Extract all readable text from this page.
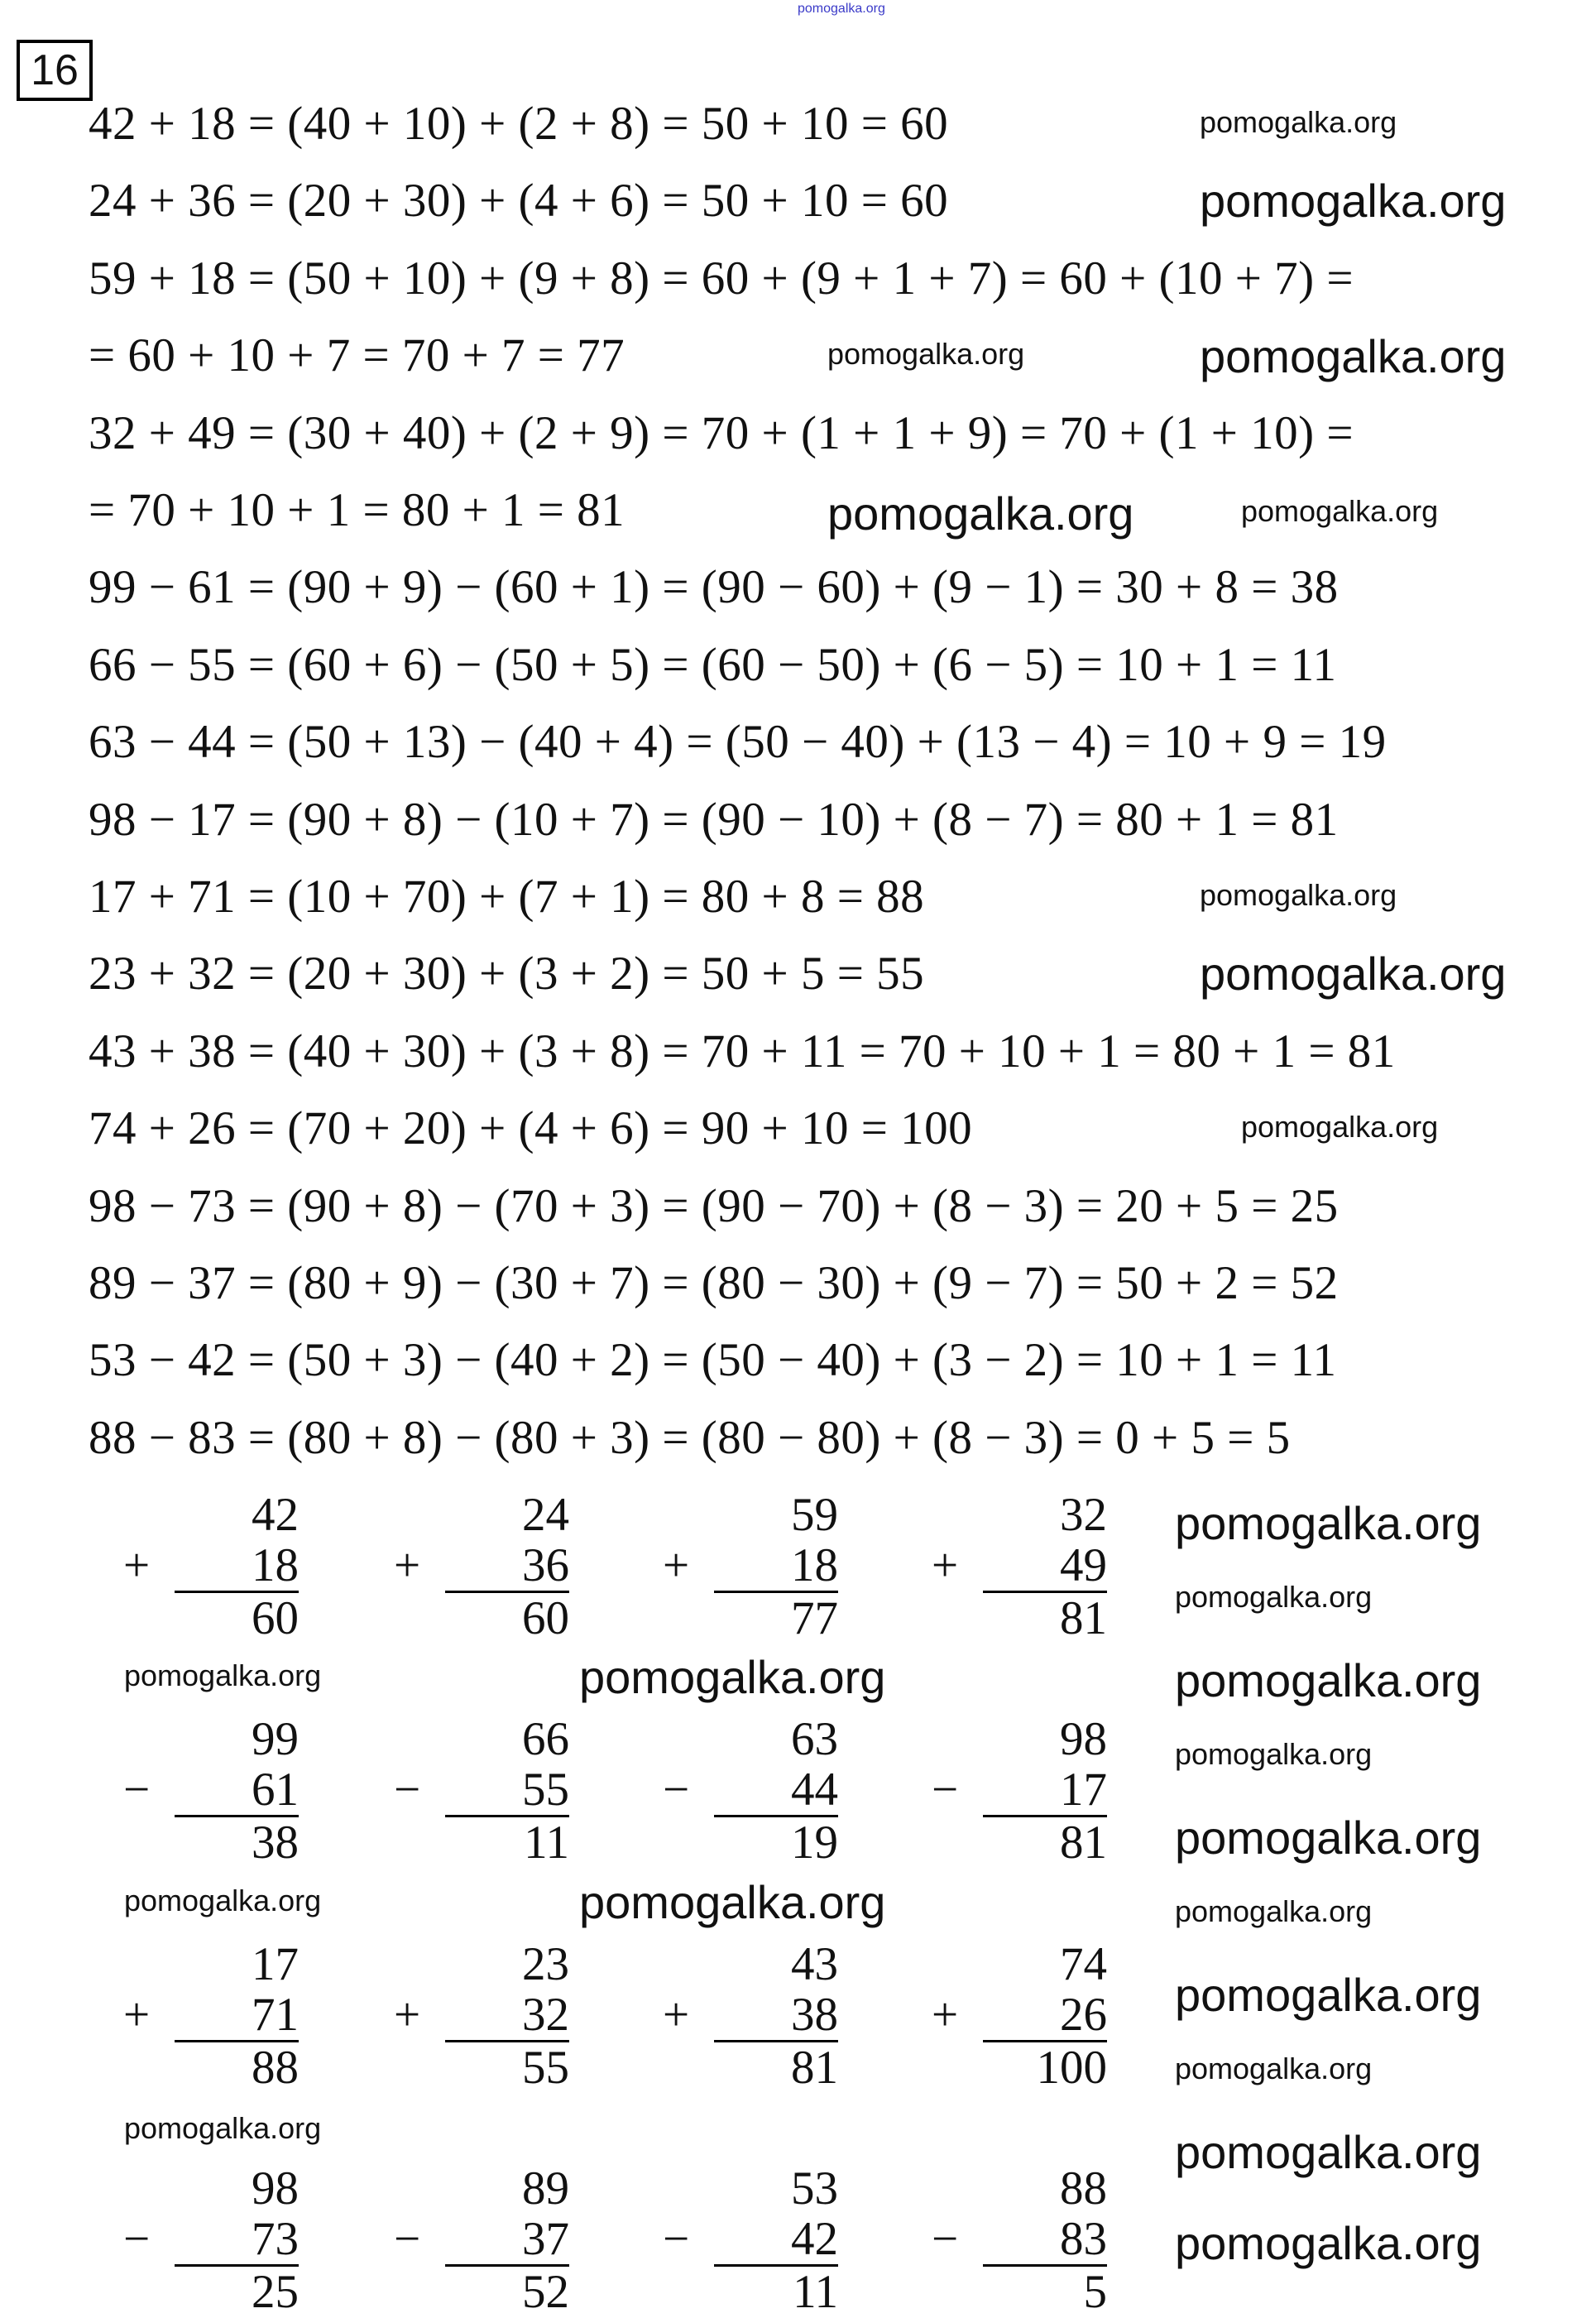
16
42 + 18 = (40 + 10) + (2 + 8) = 50 + 10 = 60
24 + 36 = (20 + 30) + (4 + 6) = 50 + 10 = 60
59 + 18 = (50 + 10) + (9 + 8) = 60 + (9 + 1 + 7) = 60 + (10 + 7) =
= 60 + 10 + 7 = 70 + 7 = 77
32 + 49 = (30 + 40) + (2 + 9) = 70 + (1 + 1 + 9) = 70 + (1 + 10) =
= 70 + 10 + 1 = 80 + 1 = 81
99 − 61 = (90 + 9) − (60 + 1) = (90 − 60) + (9 − 1) = 30 + 8 = 38
66 − 55 = (60 + 6) − (50 + 5) = (60 − 50) + (6 − 5) = 10 + 1 = 11
63 − 44 = (50 + 13) − (40 + 4) = (50 − 40) + (13 − 4) = 10 + 9 = 19
98 − 17 = (90 + 8) − (10 + 7) = (90 − 10) + (8 − 7) = 80 + 1 = 81
17 + 71 = (10 + 70) + (7 + 1) = 80 + 8 = 88
23 + 32 = (20 + 30) + (3 + 2) = 50 + 5 = 55
43 + 38 = (40 + 30) + (3 + 8) = 70 + 11 = 70 + 10 + 1 = 80 + 1 = 81
74 + 26 = (70 + 20) + (4 + 6) = 90 + 10 = 100
98 − 73 = (90 + 8) − (70 + 3) = (90 − 70) + (8 − 3) = 20 + 5 = 25
89 − 37 = (80 + 9) − (30 + 7) = (80 − 30) + (9 − 7) = 50 + 2 = 52
53 − 42 = (50 + 3) − (40 + 2) = (50 − 40) + (3 − 2) = 10 + 1 = 11
88 − 83 = (80 + 8) − (80 + 3) = (80 − 80) + (8 − 3) = 0 + 5 = 5
+
42
18
60
+
24
36
60
+
59
18
77
+
32
49
81
−
99
61
38
−
66
55
11
−
63
44
19
−
98
17
81
+
17
71
88
+
23
32
55
+
43
38
81
+
74
26
100
−
98
73
25
−
89
37
52
−
53
42
11
−
88
83
5
pomogalka.org
pomogalka.org
pomogalka.org
pomogalka.org	pomogalka.org
pomogalka.org	pomogalka.org
pomogalka.org
pomogalka.org
pomogalka.org
pomogalka.org
pomogalka.org
pomogalka.org
pomogalka.org
pomogalka.org
pomogalka.org
pomogalka.org
pomogalka.org
pomogalka.org
pomogalka.org
pomogalka.org	pomogalka.org
pomogalka.org	pomogalka.org
pomogalka.org
